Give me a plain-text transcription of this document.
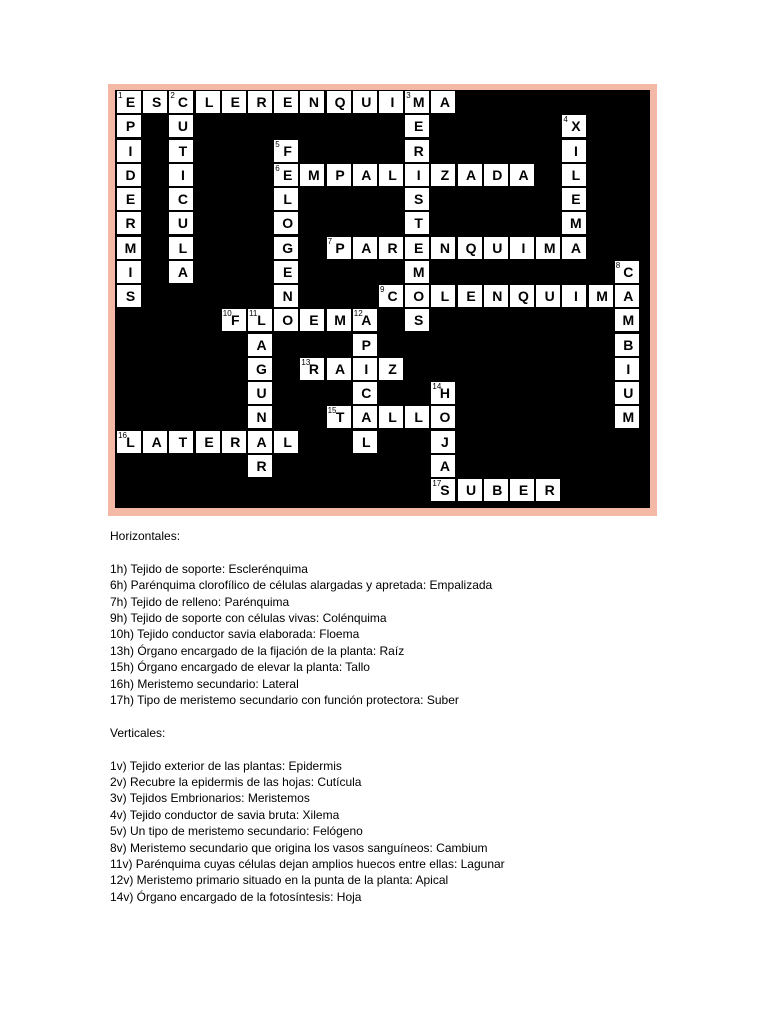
1 E S 2 C L E R E N Q U I 3 M A
P	U	E	4 X
I	T	5 F	R	I
D	I	6 E M P A L I Z A D A	L
E	C	L	S	E
R	U	O	T	M
M	L	G	7 P A R E N Q U I M A
I	A	E	M	8 C
S	N	9 C O L E N Q U I M A
10 F 11 L O E M 12
A	S	M
A	P	B
G	13
R A I Z	I
U	C	14
H	U
N	15 T A L L O	M
16 L A T E R A L	L	J
R	A
17
S U B E R

Horizontales:

1h) Tejido de soporte: Esclerénquima
6h) Parénquima clorofílico de células alargadas y apretada: Empalizada
7h) Tejido de relleno: Parénquima
9h) Tejido de soporte con células vivas: Colénquima
10h) Tejido conductor savia elaborada: Floema
13h) Órgano encargado de la fijación de la planta: Raíz
15h) Órgano encargado de elevar la planta: Tallo
16h) Meristemo secundario: Lateral
17h) Tipo de meristemo secundario con función protectora: Suber

Verticales:

1v) Tejido exterior de las plantas: Epidermis
2v) Recubre la epidermis de las hojas: Cutícula
3v) Tejidos Embrionarios: Meristemos
4v) Tejido conductor de savia bruta: Xilema
5v) Un tipo de meristemo secundario: Felógeno
8v) Meristemo secundario que origina los vasos sanguíneos: Cambium
11v) Parénquima cuyas células dejan amplios huecos entre ellas: Lagunar
12v) Meristemo primario situado en la punta de la planta: Apical
14v) Órgano encargado de la fotosíntesis: Hoja
